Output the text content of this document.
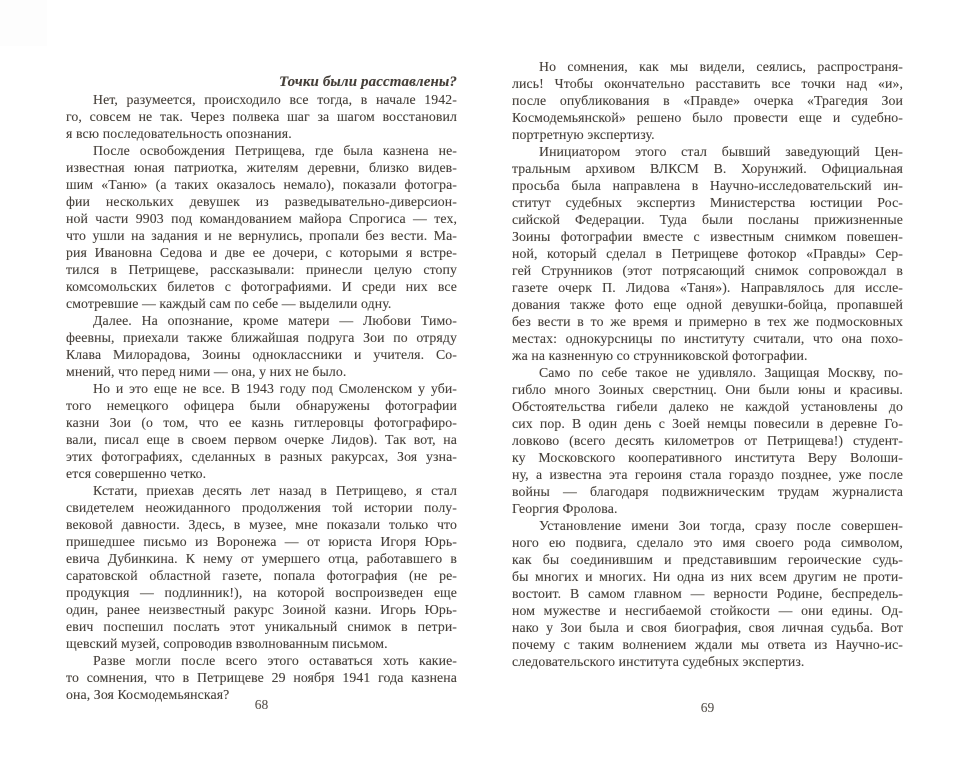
Точки были расставлены?
Нет, разумеется, происходило все тогда, в начале 1942-
го, совсем не так. Через полвека шаг за шагом восстановил
я всю последовательность опознания.
После освобождения Петрищева, где была казнена не-
известная юная патриотка, жителям деревни, близко видев-
шим «Таню» (а таких оказалось немало), показали фотогра-
фии нескольких девушек из разведывательно-диверсион-
ной части 9903 под командованием майора Спрогиса — тех,
что ушли на задания и не вернулись, пропали без вести. Ма-
рия Ивановна Седова и две ее дочери, с которыми я встре-
тился в Петрищеве, рассказывали: принесли целую стопу
комсомольских билетов с фотографиями. И среди них все
смотревшие — каждый сам по себе — выделили одну.
Далее. На опознание, кроме матери — Любови Тимо-
феевны, приехали также ближайшая подруга Зои по отряду
Клава Милорадова, Зоины одноклассники и учителя. Со-
мнений, что перед ними — она, у них не было.
Но и это еще не все. В 1943 году под Смоленском у уби-
того немецкого офицера были обнаружены фотографии
казни Зои (о том, что ее казнь гитлеровцы фотографиро-
вали, писал еще в своем первом очерке Лидов). Так вот, на
этих фотографиях, сделанных в разных ракурсах, Зоя узна-
ется совершенно четко.
Кстати, приехав десять лет назад в Петрищево, я стал
свидетелем неожиданного продолжения той истории полу-
вековой давности. Здесь, в музее, мне показали только что
пришедшее письмо из Воронежа — от юриста Игоря Юрь-
евича Дубинкина. К нему от умершего отца, работавшего в
саратовской областной газете, попала фотография (не ре-
продукция — подлинник!), на которой воспроизведен еще
один, ранее неизвестный ракурс Зоиной казни. Игорь Юрь-
евич поспешил послать этот уникальный снимок в петри-
щевский музей, сопроводив взволнованным письмом.
Разве могли после всего этого оставаться хоть какие-
то сомнения, что в Петрищеве 29 ноября 1941 года казнена
она, Зоя Космодемьянская?
Но сомнения, как мы видели, сеялись, распространя-
лись! Чтобы окончательно расставить все точки над «и»,
после опубликования в «Правде» очерка «Трагедия Зои
Космодемьянской» решено было провести еще и судебно-
портретную экспертизу.
Инициатором этого стал бывший заведующий Цен-
тральным архивом ВЛКСМ В. Хорунжий. Официальная
просьба была направлена в Научно-исследовательский ин-
ститут судебных экспертиз Министерства юстиции Рос-
сийской Федерации. Туда были посланы прижизненные
Зоины фотографии вместе с известным снимком повешен-
ной, который сделал в Петрищеве фотокор «Правды» Сер-
гей Струнников (этот потрясающий снимок сопровождал в
газете очерк П. Лидова «Таня»). Направлялось для иссле-
дования также фото еще одной девушки-бойца, пропавшей
без вести в то же время и примерно в тех же подмосковных
местах: однокурсницы по институту считали, что она похо-
жа на казненную со струнниковской фотографии.
Само по себе такое не удивляло. Защищая Москву, по-
гибло много Зоиных сверстниц. Они были юны и красивы.
Обстоятельства гибели далеко не каждой установлены до
сих пор. В один день с Зоей немцы повесили в деревне Го-
ловково (всего десять километров от Петрищева!) студент-
ку Московского кооперативного института Веру Волоши-
ну, а известна эта героиня стала гораздо позднее, уже после
войны — благодаря подвижническим трудам журналиста
Георгия Фролова.
Установление имени Зои тогда, сразу после совершен-
ного ею подвига, сделало это имя своего рода символом,
как бы соединившим и представившим героические судь-
бы многих и многих. Ни одна из них всем другим не проти-
востоит. В самом главном — верности Родине, беспредель-
ном мужестве и несгибаемой стойкости — они едины. Од-
нако у Зои была и своя биография, своя личная судьба. Вот
почему с таким волнением ждали мы ответа из Научно-ис-
следовательского института судебных экспертиз.
68	69
